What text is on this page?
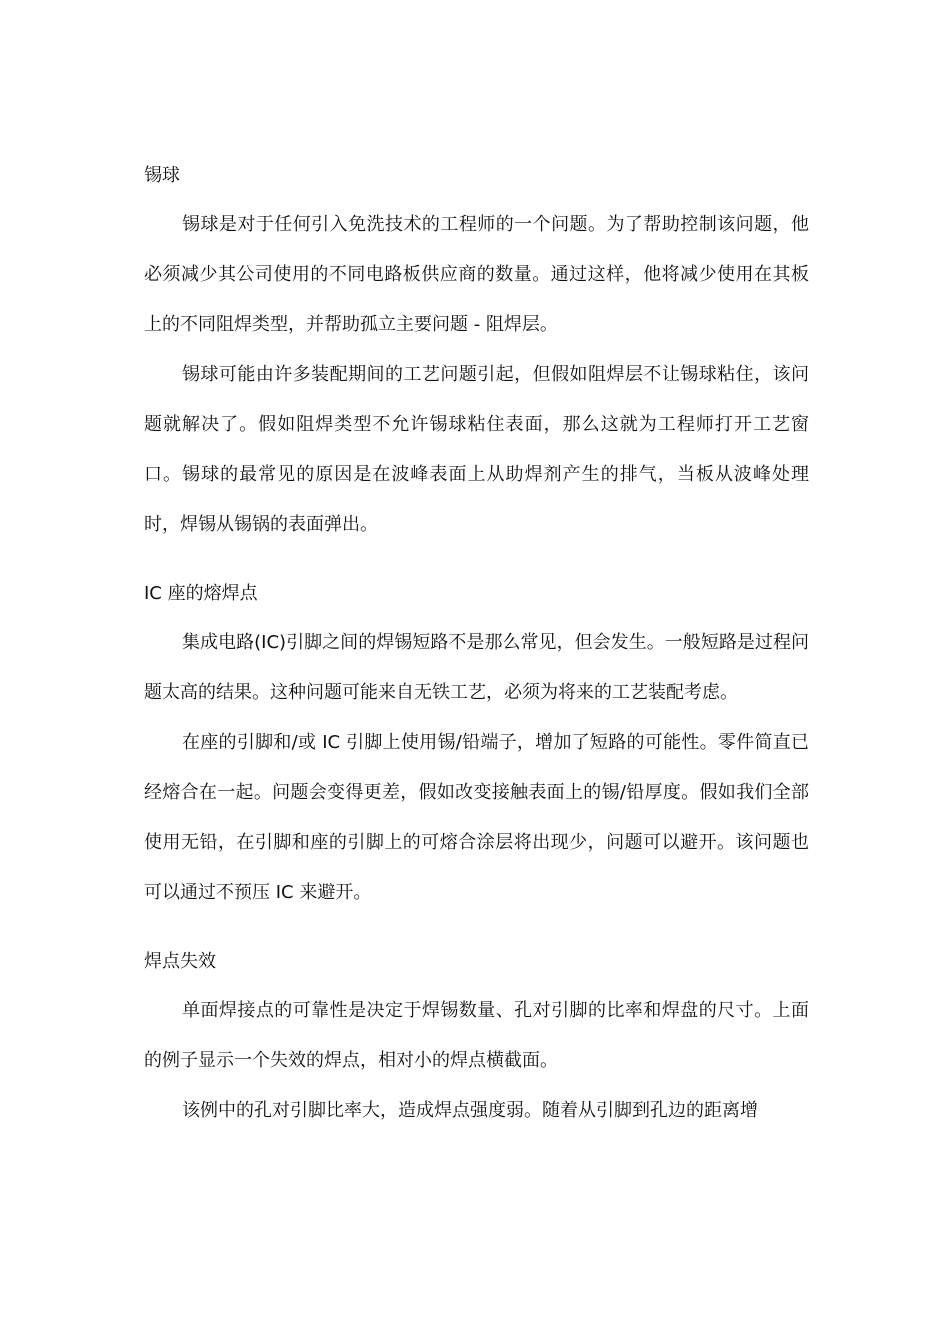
锡球

锡球是对于任何引入免洗技术的工程师的一个问题。为了帮助控制该问题，他必须减少其公司使用的不同电路板供应商的数量。通过这样，他将减少使用在其板上的不同阻焊类型，并帮助孤立主要问题 - 阻焊层。

锡球可能由许多装配期间的工艺问题引起，但假如阻焊层不让锡球粘住，该问题就解决了。假如阻焊类型不允许锡球粘住表面，那么这就为工程师打开工艺窗口。锡球的最常见的原因是在波峰表面上从助焊剂产生的排气，当板从波峰处理时，焊锡从锡锅的表面弹出。

IC 座的熔焊点

集成电路(IC)引脚之间的焊锡短路不是那么常见，但会发生。一般短路是过程问题太高的结果。这种问题可能来自无铁工艺，必须为将来的工艺装配考虑。

在座的引脚和/或 IC 引脚上使用锡/铅端子，增加了短路的可能性。零件简直已经熔合在一起。问题会变得更差，假如改变接触表面上的锡/铅厚度。假如我们全部使用无铅，在引脚和座的引脚上的可熔合涂层将出现少，问题可以避开。该问题也可以通过不预压 IC 来避开。

焊点失效

单面焊接点的可靠性是决定于焊锡数量、孔对引脚的比率和焊盘的尺寸。上面的例子显示一个失效的焊点，相对小的焊点横截面。

该例中的孔对引脚比率大，造成焊点强度弱。随着从引脚到孔边的距离增
